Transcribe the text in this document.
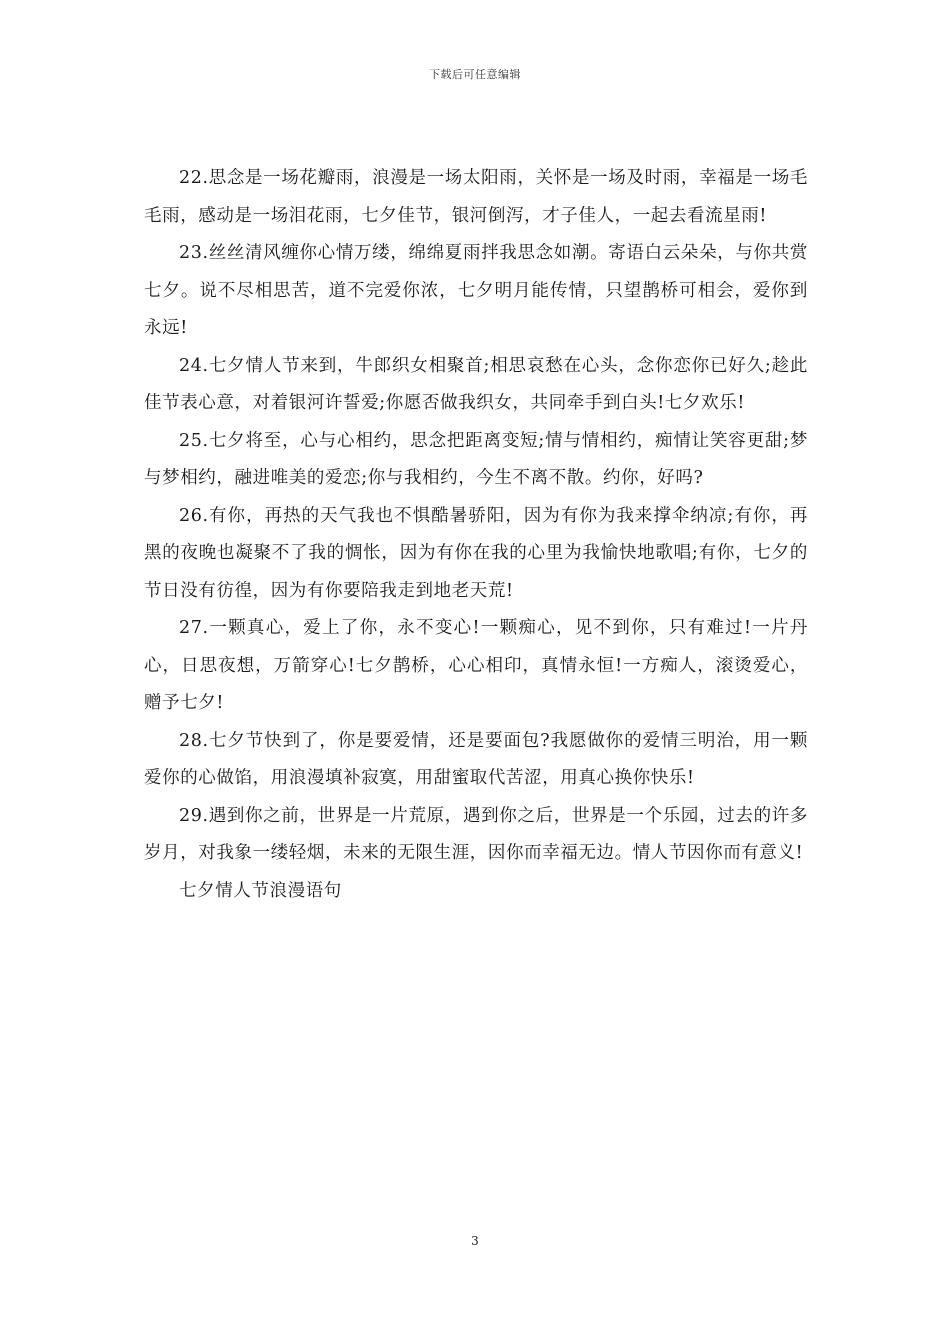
下载后可任意编辑

22.思念是一场花瓣雨，浪漫是一场太阳雨，关怀是一场及时雨，幸福是一场毛毛雨，感动是一场泪花雨，七夕佳节，银河倒泻，才子佳人，一起去看流星雨!

23.丝丝清风缠你心情万缕，绵绵夏雨拌我思念如潮。寄语白云朵朵，与你共赏七夕。说不尽相思苦，道不完爱你浓，七夕明月能传情，只望鹊桥可相会，爱你到永远!

24.七夕情人节来到，牛郎织女相聚首;相思哀愁在心头，念你恋你已好久;趁此佳节表心意，对着银河许誓爱;你愿否做我织女，共同牵手到白头!七夕欢乐!

25.七夕将至，心与心相约，思念把距离变短;情与情相约，痴情让笑容更甜;梦与梦相约，融进唯美的爱恋;你与我相约，今生不离不散。约你，好吗?

26.有你，再热的天气我也不惧酷暑骄阳，因为有你为我来撑伞纳凉;有你，再黑的夜晚也凝聚不了我的惆怅，因为有你在我的心里为我愉快地歌唱;有你，七夕的节日没有彷徨，因为有你要陪我走到地老天荒!

27.一颗真心，爱上了你，永不变心!一颗痴心，见不到你，只有难过!一片丹心，日思夜想，万箭穿心!七夕鹊桥，心心相印，真情永恒!一方痴人，滚烫爱心，赠予七夕!

28.七夕节快到了，你是要爱情，还是要面包?我愿做你的爱情三明治，用一颗爱你的心做馅，用浪漫填补寂寞，用甜蜜取代苦涩，用真心换你快乐!

29.遇到你之前，世界是一片荒原，遇到你之后，世界是一个乐园，过去的许多岁月，对我象一缕轻烟，未来的无限生涯，因你而幸福无边。情人节因你而有意义!

七夕情人节浪漫语句

3
